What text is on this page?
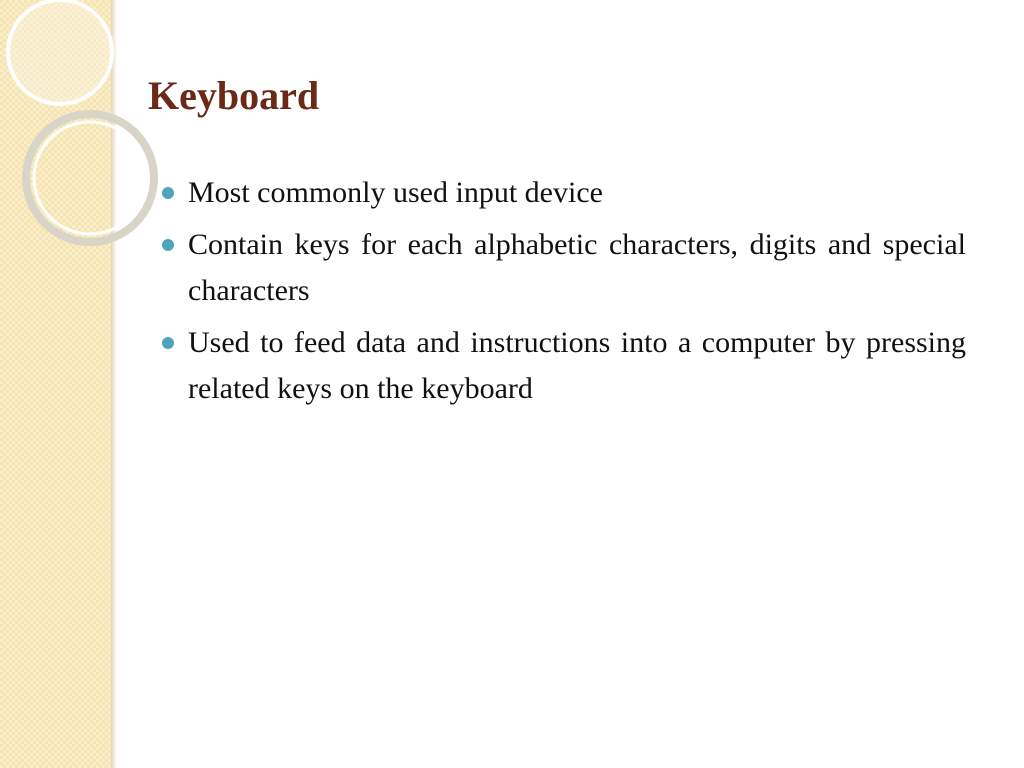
Keyboard
Most commonly used input device
Contain keys for each alphabetic characters, digits and special characters
Used to feed data and instructions into a computer by pressing related keys on the keyboard
